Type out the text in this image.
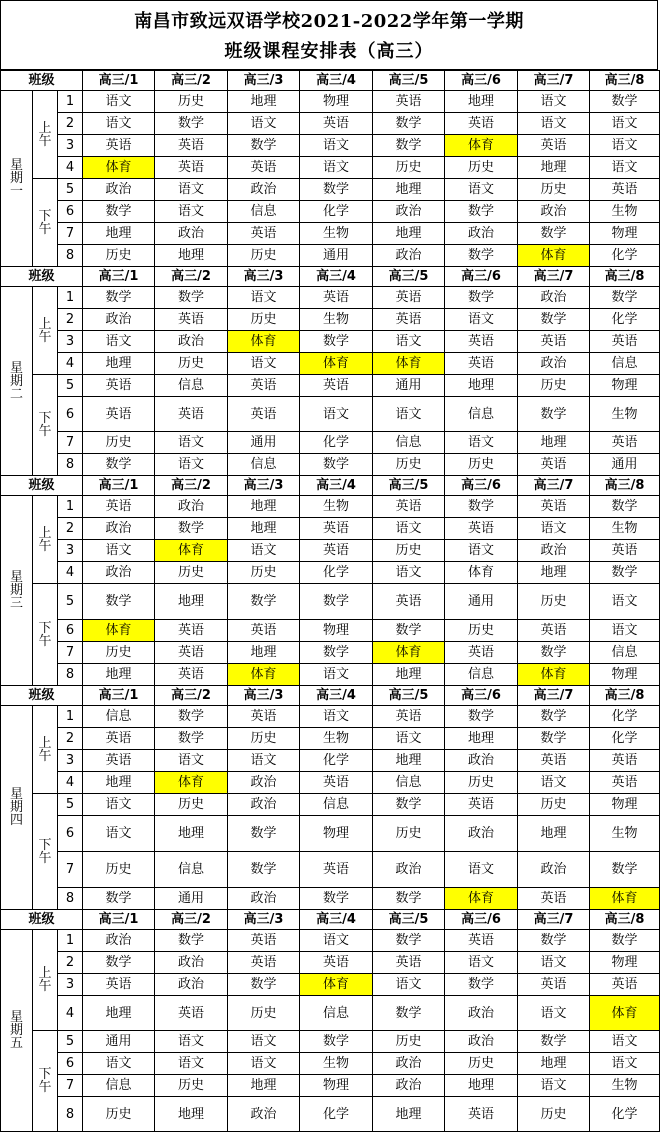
南昌市致远双语学校2021-2022学年第一学期
班级课程安排表（高三）
班级			高三/1	高三/2	高三/3	高三/4	高三/5	高三/6	高三/7	高三/8
星
期
一	上
午	1	语文	历史	地理	物理	英语	地理	语文	数学
		2	语文	数学	语文	英语	数学	英语	语文	语文
		3	英语	英语	数学	语文	数学	体育	英语	语文
		4	体育	英语	英语	语文	历史	历史	地理	语文
	下
午	5	政治	语文	政治	数学	地理	语文	历史	英语
		6	数学	语文	信息	化学	政治	数学	政治	生物
		7	地理	政治	英语	生物	地理	政治	数学	物理
		8	历史	地理	历史	通用	政治	数学	体育	化学
班级			高三/1	高三/2	高三/3	高三/4	高三/5	高三/6	高三/7	高三/8
星
期
二	上
午	1	数学	数学	语文	英语	英语	数学	政治	数学
		2	政治	英语	历史	生物	英语	语文	数学	化学
		3	语文	政治	体育	数学	语文	英语	英语	英语
		4	地理	历史	语文	体育	体育	英语	政治	信息
	下
午	5	英语	信息	英语	英语	通用	地理	历史	物理
		6	英语	英语	英语	语文	语文	信息	数学	生物
		7	历史	语文	通用	化学	信息	语文	地理	英语
		8	数学	语文	信息	数学	历史	历史	英语	通用
班级			高三/1	高三/2	高三/3	高三/4	高三/5	高三/6	高三/7	高三/8
星
期
三	上
午	1	英语	政治	地理	生物	英语	数学	英语	数学
		2	政治	数学	地理	英语	语文	英语	语文	生物
		3	语文	体育	语文	英语	历史	语文	政治	英语
		4	政治	历史	历史	化学	语文	体育	地理	数学
	下
午	5	数学	地理	数学	数学	英语	通用	历史	语文
		6	体育	英语	英语	物理	数学	历史	英语	语文
		7	历史	英语	地理	数学	体育	英语	数学	信息
		8	地理	英语	体育	语文	地理	信息	体育	物理
班级			高三/1	高三/2	高三/3	高三/4	高三/5	高三/6	高三/7	高三/8
星
期
四	上
午	1	信息	数学	英语	语文	英语	数学	数学	化学
		2	英语	数学	历史	生物	语文	地理	数学	化学
		3	英语	语文	语文	化学	地理	政治	英语	英语
		4	地理	体育	政治	英语	信息	历史	语文	英语
	下
午	5	语文	历史	政治	信息	数学	英语	历史	物理
		6	语文	地理	数学	物理	历史	政治	地理	生物
		7	历史	信息	数学	英语	政治	语文	政治	数学
		8	数学	通用	政治	数学	数学	体育	英语	体育
班级			高三/1	高三/2	高三/3	高三/4	高三/5	高三/6	高三/7	高三/8
星
期
五	上
午	1	政治	数学	英语	语文	数学	英语	数学	数学
		2	数学	政治	英语	英语	英语	语文	语文	物理
		3	英语	政治	数学	体育	语文	数学	英语	英语
		4	地理	英语	历史	信息	数学	政治	语文	体育
	下
午	5	通用	语文	语文	数学	历史	政治	数学	语文
		6	语文	语文	语文	生物	政治	历史	地理	语文
		7	信息	历史	地理	物理	政治	地理	语文	生物
		8	历史	地理	政治	化学	地理	英语	历史	化学
